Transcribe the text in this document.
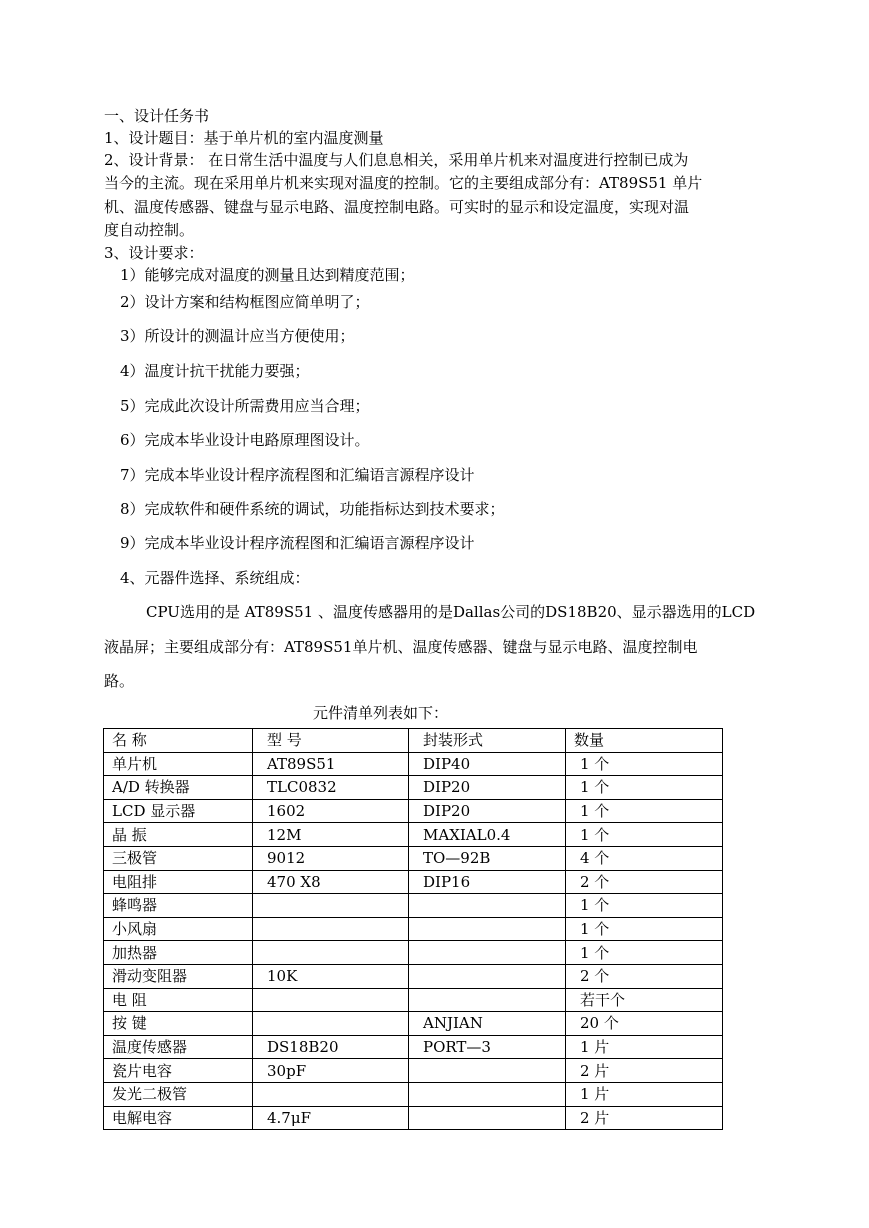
一、设计任务书
1、设计题目：基于单片机的室内温度测量
2、设计背景： 在日常生活中温度与人们息息相关，采用单片机来对温度进行控制已成为
当今的主流。现在采用单片机来实现对温度的控制。它的主要组成部分有：AT89S51 单片
机、温度传感器、键盘与显示电路、温度控制电路。可实时的显示和设定温度，实现对温
度自动控制。
3、设计要求：
1）能够完成对温度的测量且达到精度范围；
2）设计方案和结构框图应简单明了；
3）所设计的测温计应当方便使用；
4）温度计抗干扰能力要强；
5）完成此次设计所需费用应当合理；
6）完成本毕业设计电路原理图设计。
7）完成本毕业设计程序流程图和汇编语言源程序设计
8）完成软件和硬件系统的调试，功能指标达到技术要求；
9）完成本毕业设计程序流程图和汇编语言源程序设计
4、元器件选择、系统组成：
CPU选用的是 AT89S51 、温度传感器用的是Dallas公司的DS18B20、显示器选用的LCD
液晶屏；主要组成部分有：AT89S51单片机、温度传感器、键盘与显示电路、温度控制电
路。
元件清单列表如下：
名 称	型 号	封装形式	数量
单片机	AT89S51	DIP40	1 个
A/D 转换器	TLC0832	DIP20	1 个
LCD 显示器	1602	DIP20	1 个
晶 振	12M	MAXIAL0.4	1 个
三极管	9012	TO—92B	4 个
电阻排	470 X8	DIP16	2 个
蜂鸣器			1 个
小风扇			1 个
加热器			1 个
滑动变阻器	10K		2 个
电 阻			若干个
按 键		ANJIAN	20 个
温度传感器	DS18B20	PORT—3	1 片
瓷片电容	30pF		2 片
发光二极管			1 片
电解电容	4.7μF		2 片
